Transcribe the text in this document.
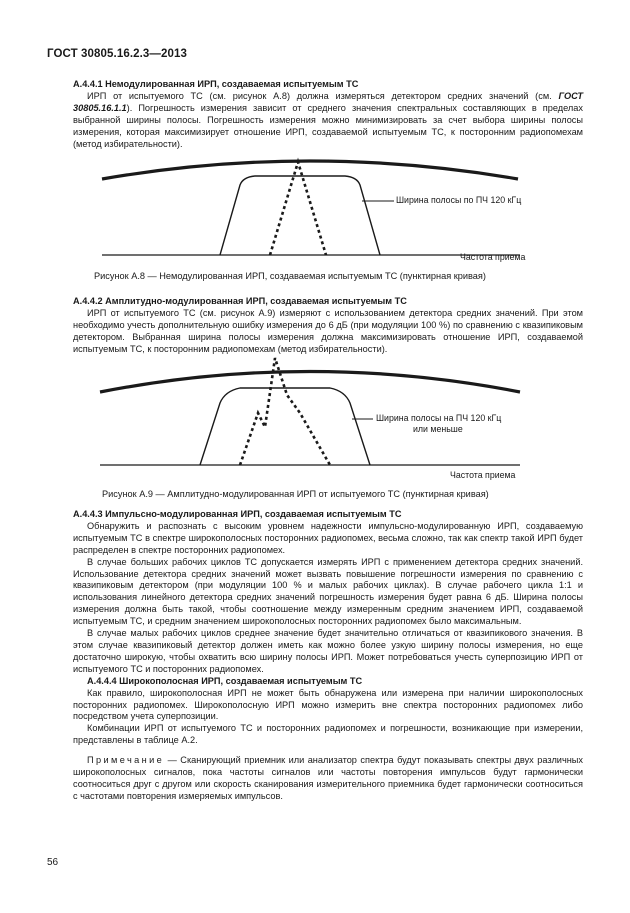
ГОСТ 30805.16.2.3—2013
А.4.4.1 Немодулированная ИРП, создаваемая испытуемым ТС

ИРП от испытуемого ТС (см. рисунок А.8) должна измеряться детектором средних значений (см. ГОСТ 30805.16.1.1). Погрешность измерения зависит от среднего значения спектральных составляющих в пределах выбранной ширины полосы. Погрешность измерения можно минимизировать за счет выбора ширины полосы измерения, которая максимизирует отношение ИРП, создаваемой испытуемым ТС, к посторонним радиопомехам (метод избирательности).

Ширина полосы по ПЧ 120 кГц
Частота приема
Рисунок А.8 — Немодулированная ИРП, создаваемая испытуемым ТС (пунктирная кривая)
А.4.4.2 Амплитудно-модулированная ИРП, создаваемая испытуемым ТС

ИРП от испытуемого ТС (см. рисунок А.9) измеряют с использованием детектора средних значений. При этом необходимо учесть дополнительную ошибку измерения до 6 дБ (при модуляции 100 %) по сравнению с квазипиковым детектором. Выбранная ширина полосы измерения должна максимизировать отношение ИРП, создаваемой испытуемым ТС, к посторонним радиопомехам (метод избирательности).

Ширина полосы на ПЧ 120 кГц
или меньше
Частота приема
Рисунок А.9 — Амплитудно-модулированная ИРП от испытуемого ТС (пунктирная кривая)
А.4.4.3 Импульсно-модулированная ИРП, создаваемая испытуемым ТС

Обнаружить и распознать с высоким уровнем надежности импульсно-модулированную ИРП, создаваемую испытуемым ТС в спектре широкополосных посторонних радиопомех, весьма сложно, так как спектр такой ИРП будет распределен в спектре посторонних радиопомех.

В случае больших рабочих циклов ТС допускается измерять ИРП с применением детектора средних значений. Использование детектора средних значений может вызвать повышение погрешности измерения по сравнению с квазипиковым детектором (при модуляции 100 % и малых рабочих циклах). В случае рабочего цикла 1:1 и использования линейного детектора средних значений погрешность измерения будет равна 6 дБ. Ширина полосы измерения должна быть такой, чтобы соотношение между измеренным средним значением ИРП, создаваемой испытуемым ТС, и средним значением широкополосных посторонних радиопомех было максимальным.

В случае малых рабочих циклов среднее значение будет значительно отличаться от квазипикового значения. В этом случае квазипиковый детектор должен иметь как можно более узкую ширину полосы измерения, но еще достаточно широкую, чтобы охватить всю ширину полосы ИРП. Может потребоваться учесть суперпозицию ИРП от испытуемого ТС и посторонних радиопомех.

А.4.4.4 Широкополосная ИРП, создаваемая испытуемым ТС

Как правило, широкополосная ИРП не может быть обнаружена или измерена при наличии широкополосных посторонних радиопомех. Широкополосную ИРП можно измерить вне спектра посторонних радиопомех либо посредством учета суперпозиции.

Комбинации ИРП от испытуемого ТС и посторонних радиопомех и погрешности, возникающие при измерении, представлены в таблице А.2.

Примечание — Сканирующий приемник или анализатор спектра будут показывать спектры двух различных широкополосных сигналов, пока частоты сигналов или частоты повторения импульсов будут гармонически соотноситься друг с другом или скорость сканирования измерительного приемника будет гармонически соотноситься с частотами повторения измеряемых импульсов.

56
